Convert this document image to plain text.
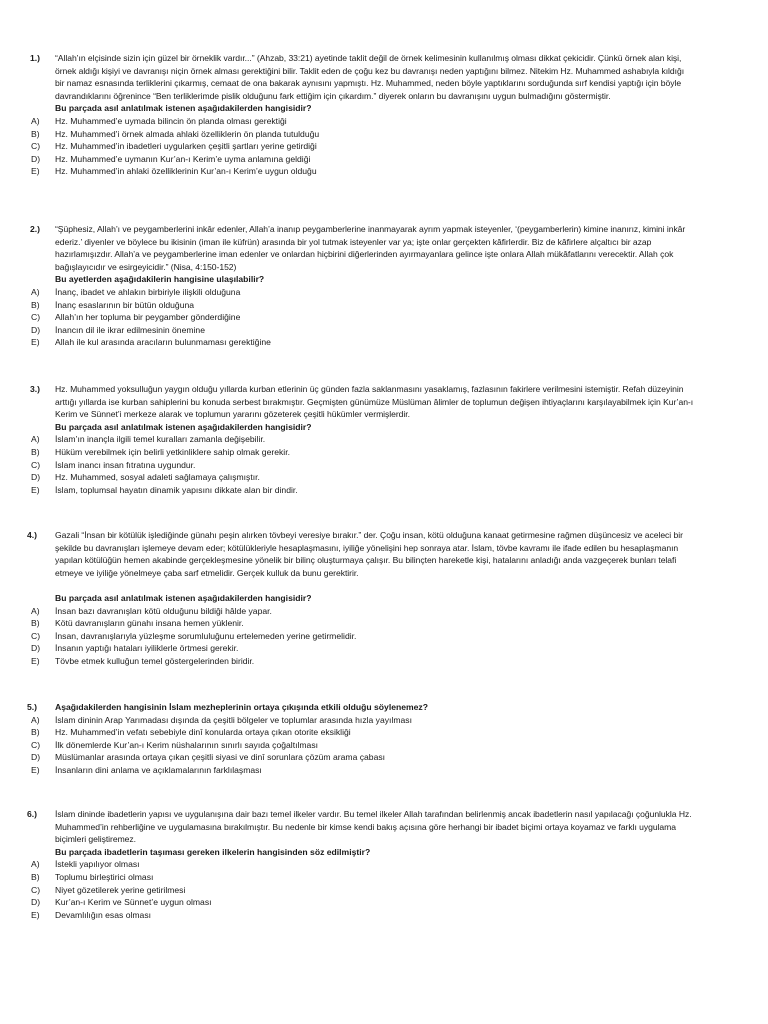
1.) “Allah’ın elçisinde sizin için güzel bir örneklik vardır...” (Ahzab, 33:21) ayetinde taklit değil de örnek kelimesinin kullanılmış olması dikkat çekicidir. Çünkü örnek alan kişi, örnek aldığı kişiyi ve davranışı niçin örnek alması gerektiğini bilir. Taklit eden de çoğu kez bu davranışı neden yaptığını bilmez. Nitekim Hz. Muhammed ashabıyla kıldığı bir namaz esnasında terliklerini çıkarmış, cemaat de ona bakarak aynısını yapmıştı. Hz. Muhammed, neden böyle yaptıklarını sorduğunda sırf kendisi yaptığı için böyle davrandıklarını öğrenince “Ben terliklerimde pislik olduğunu fark ettiğim için çıkardım.” diyerek onların bu davranışını uygun bulmadığını göstermiştir.

Bu parçada asıl anlatılmak istenen aşağıdakilerden hangisidir?

A) Hz. Muhammed’e uymada bilincin ön planda olması gerektiği
B) Hz. Muhammed’i örnek almada ahlaki özelliklerin ön planda tutulduğu
C) Hz. Muhammed’in ibadetleri uygularken çeşitli şartları yerine getirdiği
D) Hz. Muhammed’e uymanın Kur’an-ı Kerim’e uyma anlamına geldiği
E) Hz. Muhammed’in ahlaki özelliklerinin Kur’an-ı Kerim’e uygun olduğu
2.) “Şüphesiz, Allah’ı ve peygamberlerini inkâr edenler, Allah’a inanıp peygamberlerine inanmayarak ayrım yapmak isteyenler, ‘(peygamberlerin) kimine inanırız, kimini inkâr ederiz.’ diyenler ve böylece bu ikisinin (iman ile küfrün) arasında bir yol tutmak isteyenler var ya; işte onlar gerçekten kâfirlerdir. Biz de kâfirlere alçaltıcı bir azap hazırlamışızdır. Allah’a ve peygamberlerine iman edenler ve onlardan hiçbirini diğerlerinden ayırmayanlara gelince işte onlara Allah mükâfatlarını verecektir. Allah çok bağışlayıcıdır ve esirgeyicidir.” (Nisa, 4:150-152)

Bu ayetlerden aşağıdakilerin hangisine ulaşılabilir?

A) İnanç, ibadet ve ahlakın birbiriyle ilişkili olduğuna
B) İnanç esaslarının bir bütün olduğuna
C) Allah’ın her topluma bir peygamber gönderdiğine
D) İnancın dil ile ikrar edilmesinin önemine
E) Allah ile kul arasında aracıların bulunmaması gerektiğine
3.) Hz. Muhammed yoksulluğun yaygın olduğu yıllarda kurban etlerinin üç günden fazla saklanmasını yasaklamış, fazlasının fakirlere verilmesini istemiştir. Refah düzeyinin arttığı yıllarda ise kurban sahiplerini bu konuda serbest bırakmıştır. Geçmişten günümüze Müslüman âlimler de toplumun değişen ihtiyaçlarını karşılayabilmek için Kur’an-ı Kerim ve Sünnet’i merkeze alarak ve toplumun yararını gözeterek çeşitli hükümler vermişlerdir.

Bu parçada asıl anlatılmak istenen aşağıdakilerden hangisidir?

A) İslam’ın inançla ilgili temel kuralları zamanla değişebilir.
B) Hüküm verebilmek için belirli yetkinliklere sahip olmak gerekir.
C) İslam inancı insan fıtratına uygundur.
D) Hz. Muhammed, sosyal adaleti sağlamaya çalışmıştır.
E) İslam, toplumsal hayatın dinamik yapısını dikkate alan bir dindir.
4.) Gazali “İnsan bir kötülük işlediğinde günahı peşin alırken tövbeyi veresiye bırakır.” der. Çoğu insan, kötü olduğuna kanaat getirmesine rağmen düşüncesiz ve aceleci bir şekilde bu davranışları işlemeye devam eder; kötülükleriyle hesaplaşmasını, iyiliğe yönelişini hep sonraya atar. İslam, tövbe kavramı ile ifade edilen bu hesaplaşmanın yapılan kötülüğün hemen akabinde gerçekleşmesine yönelik bir bilinç oluşturmaya çalışır. Bu bilinçten hareketle kişi, hatalarını anladığı anda vazgeçerek bunları telafi etmeye ve iyiliğe yönelmeye çaba sarf etmelidir. Gerçek kulluk da bunu gerektirir.

Bu parçada asıl anlatılmak istenen aşağıdakilerden hangisidir?

A) İnsan bazı davranışları kötü olduğunu bildiği hâlde yapar.
B) Kötü davranışların günahı insana hemen yüklenir.
C) İnsan, davranışlarıyla yüzleşme sorumluluğunu ertelemeden yerine getirmelidir.
D) İnsanın yaptığı hataları iyiliklerle örtmesi gerekir.
E) Tövbe etmek kulluğun temel göstergelerinden biridir.
5.) Aşağıdakilerden hangisinin İslam mezheplerinin ortaya çıkışında etkili olduğu söylenemez?

A) İslam dininin Arap Yarımadası dışında da çeşitli bölgeler ve toplumlar arasında hızla yayılması
B) Hz. Muhammed’in vefatı sebebiyle dinî konularda ortaya çıkan otorite eksikliği
C) İlk dönemlerde Kur’an-ı Kerim nüshalarının sınırlı sayıda çoğaltılması
D) Müslümanlar arasında ortaya çıkan çeşitli siyasi ve dinî sorunlara çözüm arama çabası
E) İnsanların dini anlama ve açıklamalarının farklılaşması
6.) İslam dininde ibadetlerin yapısı ve uygulanışına dair bazı temel ilkeler vardır. Bu temel ilkeler Allah tarafından belirlenmiş ancak ibadetlerin nasıl yapılacağı çoğunlukla Hz. Muhammed’in rehberliğine ve uygulamasına bırakılmıştır. Bu nedenle bir kimse kendi bakış açısına göre herhangi bir ibadet biçimi ortaya koyamaz ve farklı uygulama biçimleri geliştiremez.

Bu parçada ibadetlerin taşıması gereken ilkelerin hangisinden söz edilmiştir?

A) İstekli yapılıyor olması
B) Toplumu birleştirici olması
C) Niyet gözetilerek yerine getirilmesi
D) Kur’an-ı Kerim ve Sünnet’e uygun olması
E) Devamlılığın esas olması
